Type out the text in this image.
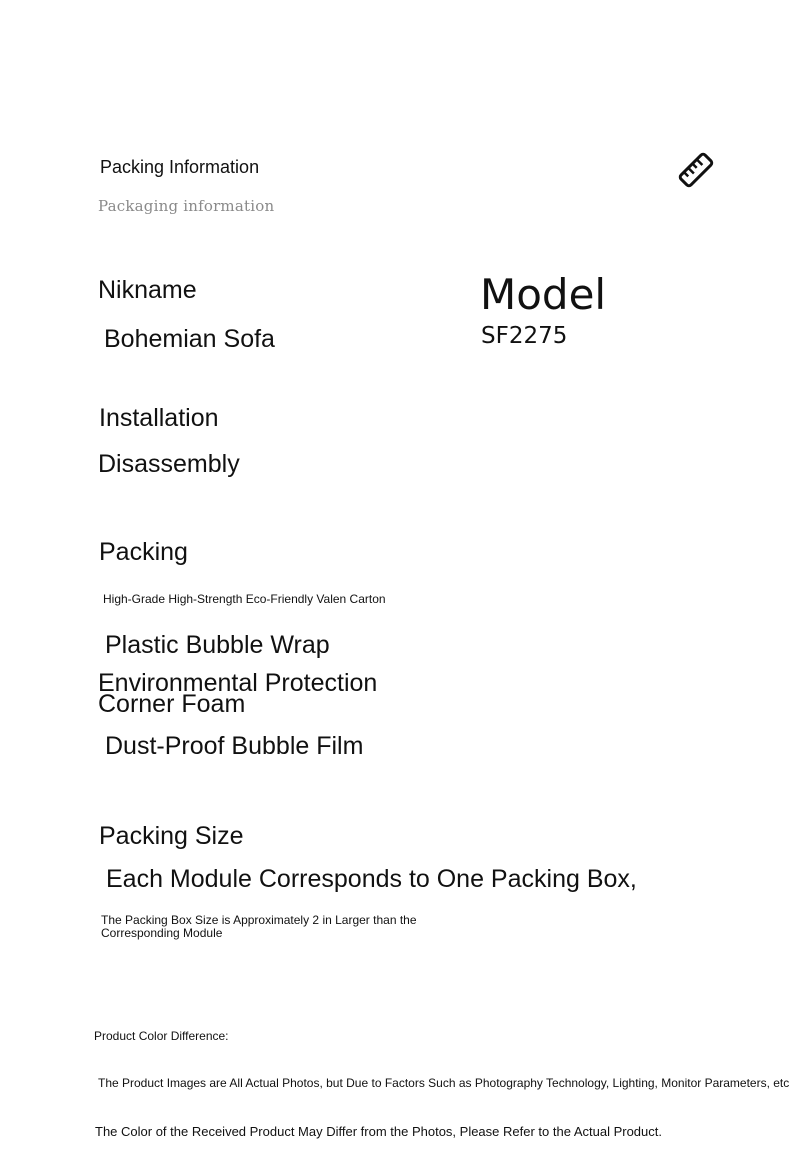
Packing Information
Packaging information
Nikname
Bohemian Sofa
Model
SF2275
Installation
Disassembly
Packing
High-Grade High-Strength Eco-Friendly Valen Carton
Plastic Bubble Wrap
Environmental Protection Corner Foam
Dust-Proof Bubble Film
Packing Size
Each Module Corresponds to One Packing Box,
The Packing Box Size is Approximately 2 in Larger than the Corresponding Module
Product Color Difference:
The Product Images are All Actual Photos, but Due to Factors Such as Photography Technology, Lighting, Monitor Parameters, etc
The Color of the Received Product May Differ from the Photos, Please Refer to the Actual Product.
